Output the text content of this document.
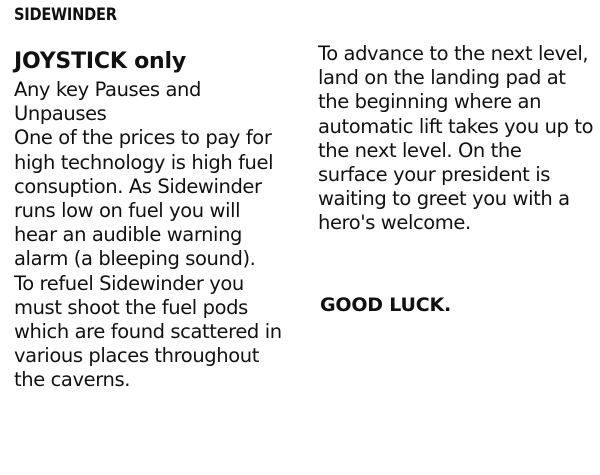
SIDEWINDER
JOYSTICK only

Any key Pauses and
Unpauses

One of the prices to pay for
high technology is high fuel
consuption. As Sidewinder
runs low on fuel you will
hear an audible warning
alarm (a bleeping sound).
To refuel Sidewinder you
must shoot the fuel pods
which are found scattered in
various places throughout
the caverns.

To advance to the next level,
land on the landing pad at
the beginning where an
automatic lift takes you up to
the next level. On the
surface your president is
waiting to greet you with a
hero's welcome.

GOOD LUCK.
